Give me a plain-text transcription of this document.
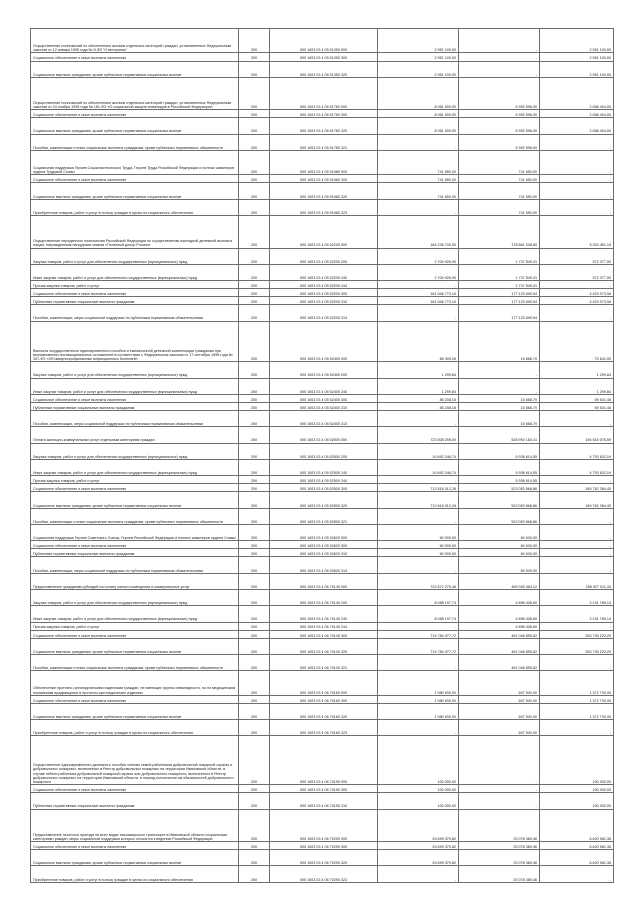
Осуществление полномочий по обеспечению жильем отдельных категорий граждан, установленных Федеральным законом от 12 января 1995 года № 5-ФЗ "О ветеранах"	200	000 1003 03 4 05 51350 000	2 951 100,00	-	2 951 100,00
Социальное обеспечение и иные выплаты населению	200	000 1003 03 4 05 51350 300	2 951 100,00	-	2 951 100,00
Социальные выплаты гражданам, кроме публичных нормативных социальных выплат	200	000 1003 03 4 05 51350 320	2 951 100,00	-	2 951 100,00
Осуществление полномочий по обеспечению жильем отдельных категорий граждан, установленных Федеральным законом от 24 ноября 1995 года № 181-ФЗ «О социальной защите инвалидов в Российской Федерации»	200	000 1003 03 4 05 51760 000	8 061 000,00	5 992 596,00	2 068 404,00
Социальное обеспечение и иные выплаты населению	200	000 1003 03 4 05 51760 300	8 061 000,00	5 992 596,00	2 068 404,00
Социальные выплаты гражданам, кроме публичных нормативных социальных выплат	200	000 1003 03 4 05 51760 320	8 061 000,00	5 992 596,00	2 068 404,00
Пособия, компенсации и иные социальные выплаты гражданам, кроме публичных нормативных обязательств	200	000 1003 03 4 05 51760 321	-	5 992 596,00	-
Социальная поддержка Героев Социалистического Труда, Героев Труда Российской Федерации и полных кавалеров ордена Трудовой Славы	200	000 1003 03 4 05 51980 000	741 650,00	741 650,00	-
Социальное обеспечение и иные выплаты населению	200	000 1003 03 4 05 51980 300	741 650,00	741 650,00	-
Социальные выплаты гражданам, кроме публичных нормативных социальных выплат	200	000 1003 03 4 05 51980 320	741 650,00	741 650,00	-
Приобретение товаров, работ и услуг в пользу граждан в целях их социального обеспечения	200	000 1003 03 4 05 51980 323	-	741 650,00	-
Осуществление переданного полномочия Российской Федерации по осуществлению ежегодной денежной выплаты лицам, награжденным нагрудным знаком «Почетный донор России»	200	000 1003 03 4 05 52200 000	184 238 700,00	178 861 248,80	5 393 451,15
Закупка товаров, работ и услуг для обеспечения государственных (муниципальных) нужд	200	000 1003 03 4 05 52200 200	2 709 926,90	1 737 549,31	972 377,59
Иные закупки товаров, работ и услуг для обеспечения государственных (муниципальных) нужд	200	000 1003 03 4 05 52200 240	2 709 926,90	1 737 549,31	972 377,59
Прочая закупка товаров, работ и услуг	200	000 1003 03 4 05 52200 244	-	1 737 549,31	-
Социальное обеспечение и иные выплаты населению	200	000 1003 03 4 05 52200 300	181 546 773,10	177 123 699,54	4 423 073,56
Публичные нормативные социальные выплаты гражданам	200	000 1003 03 4 05 52200 310	181 546 773,10	177 123 699,54	4 423 073,56
Пособия, компенсации, меры социальной поддержки по публичным нормативным обязательствам	200	000 1003 03 4 05 52200 313	-	177 123 699,54	-
Выплата государственного единовременного пособия и ежемесячной денежной компенсации гражданам при возникновении поствакцинальных осложнений в соответствии с Федеральным законом от 17 сентября 1998 года № 157-ФЗ «Об иммунопрофилактике инфекционных болезней»	200	000 1003 03 4 05 52400 000	86 309,26	15 668,70	70 641,50
Закупка товаров, работ и услуг для обеспечения государственных (муниципальных) нужд	200	000 1003 03 4 05 52400 200	1 299,84	-	1 299,84
Иные закупки товаров, работ и услуг для обеспечения государственных (муниципальных) нужд	200	000 1003 03 4 05 52400 240	1 299,84	-	1 299,84
Социальное обеспечение и иные выплаты населению	200	000 1003 03 4 05 52400 300	85 208,16	15 668,70	69 541,46
Публичные нормативные социальные выплаты гражданам	200	000 1003 03 4 05 52400 310	85 208,16	15 668,70	69 541,46
Пособия, компенсации, меры социальной поддержки по публичным нормативным обязательствам	200	000 1003 03 4 05 52400 313	-	15 668,70	-
Оплата жилищно-коммунальных услуг отдельным категориям граждан	200	000 1003 03 4 05 52500 000	723 508 259,00	528 992 183,41	194 516 076,59
Закупка товаров, работ и услуг для обеспечения государственных (муниципальных) нужд	200	000 1003 03 4 05 52500 200	10 692 246,74	5 938 614,55	4 753 632,19
Иные закупки товаров, работ и услуг для обеспечения государственных (муниципальных) нужд	200	000 1003 03 4 05 52500 240	10 692 246,74	5 938 614,55	4 753 632,19
Прочая закупка товаров, работ и услуг	200	000 1003 03 4 05 52500 244	-	5 938 614,55	-
Социальное обеспечение и иные выплаты населению	200	000 1003 03 4 05 52500 300	712 816 012,26	523 053 568,86	189 762 384,40
Социальные выплаты гражданам, кроме публичных нормативных социальных выплат	200	000 1003 03 4 05 52500 320	712 816 012,26	523 053 568,86	189 762 384,40
Пособия, компенсации и иные социальные выплаты гражданам, кроме публичных нормативных обязательств	200	000 1003 03 4 05 52500 321	-	523 053 568,86	-
Социальная поддержка Героев Советского Союза, Героев Российской Федерации и полных кавалеров ордена Славы	200	000 1003 03 4 05 52620 000	60 000,00	60 000,00	-
Социальное обеспечение и иные выплаты населению	200	000 1003 03 4 05 52620 300	60 000,00	60 000,00	-
Публичные нормативные социальные выплаты гражданам	200	000 1003 03 4 05 52620 310	60 000,00	60 000,00	-
Пособия, компенсации, меры социальной поддержки по публичным нормативным обязательствам	200	000 1003 03 4 05 52620 313	-	60 000,00	-
Предоставление гражданам субсидий на оплату жилого помещения и коммунальных услуг	200	000 1003 03 4 06 70140 000	722 672 275,46	465 945 364,12	256 927 011,34
Закупка товаров, работ и услуг для обеспечения государственных (муниципальных) нужд	200	000 1003 03 4 06 70140 200	8 088 197,74	4 896 408,60	3 191 789,14
Иные закупки товаров, работ и услуг для обеспечения государственных (муниципальных) нужд	200	000 1003 03 4 06 70140 240	8 088 197,74	4 896 408,60	3 191 789,14
Прочая закупка товаров, работ и услуг	200	000 1003 03 4 06 70140 244	-	4 896 408,60	-
Социальное обеспечение и иные выплаты населению	200	000 1003 03 4 06 70140 300	714 784 077,72	461 048 855,52	253 735 222,20
Социальные выплаты гражданам, кроме публичных нормативных социальных выплат	200	000 1003 03 4 06 70140 320	714 784 077,72	461 048 855,52	253 735 222,20
Пособия, компенсации и иные социальные выплаты гражданам, кроме публичных нормативных обязательств	200	000 1003 03 4 06 70140 321	-	461 048 855,52	-
Обеспечение протезно-ортопедическими изделиями граждан, не имеющих группы инвалидности, но по медицинским показаниям нуждающихся в протезно-ортопедических изделиях	200	000 1003 03 4 06 70160 000	1 980 630,00	607 900,00	1 372 730,00
Социальное обеспечение и иные выплаты населению	200	000 1003 03 4 06 70160 300	1 980 630,00	607 900,00	1 372 730,00
Социальные выплаты гражданам, кроме публичных нормативных социальных выплат	200	000 1003 03 4 06 70160 320	1 980 630,00	607 900,00	1 372 730,00
Приобретение товаров, работ и услуг в пользу граждан в целях их социального обеспечения	200	000 1003 03 4 06 70160 323	-	607 900,00	-
Осуществление единовременного денежного пособия членам семей работников добровольной пожарной охраны и добровольных пожарных, включенных в Реестр добровольных пожарных на территории Ивановской области, в случае гибели работника добровольной пожарной охраны или добровольного пожарного, включенного в Реестр добровольных пожарных на территории Ивановской области, в период исполнения им обязанностей добровольного пожарного	200	000 1003 03 4 06 70190 000	100 000,00	-	100 000,00
Социальное обеспечение и иные выплаты населению	200	000 1003 03 4 06 70190 300	100 000,00	-	100 000,00
Публичные нормативные социальные выплаты гражданам	200	000 1003 03 4 06 70190 310	100 000,00	-	100 000,00
Предоставление льготного проезда на всех видах пассажирского транспорта в Ивановской области социальным категориям граждан, меры социальной поддержки которых относятся к ведению Российской Федерации	200	000 1003 03 4 06 70290 000	25 699 370,82	25 078 389,46	6 620 981,36
Социальное обеспечение и иные выплаты населению	200	000 1003 03 4 06 70290 300	25 699 370,82	25 078 389,46	6 620 981,36
Социальные выплаты гражданам, кроме публичных нормативных социальных выплат	200	000 1003 03 4 06 70290 320	25 699 370,82	25 078 389,46	6 620 981,36
Приобретение товаров, работ и услуг в пользу граждан в целях их социального обеспечения	200	000 1003 03 4 06 70290 323	-	20 078 389,46	-
